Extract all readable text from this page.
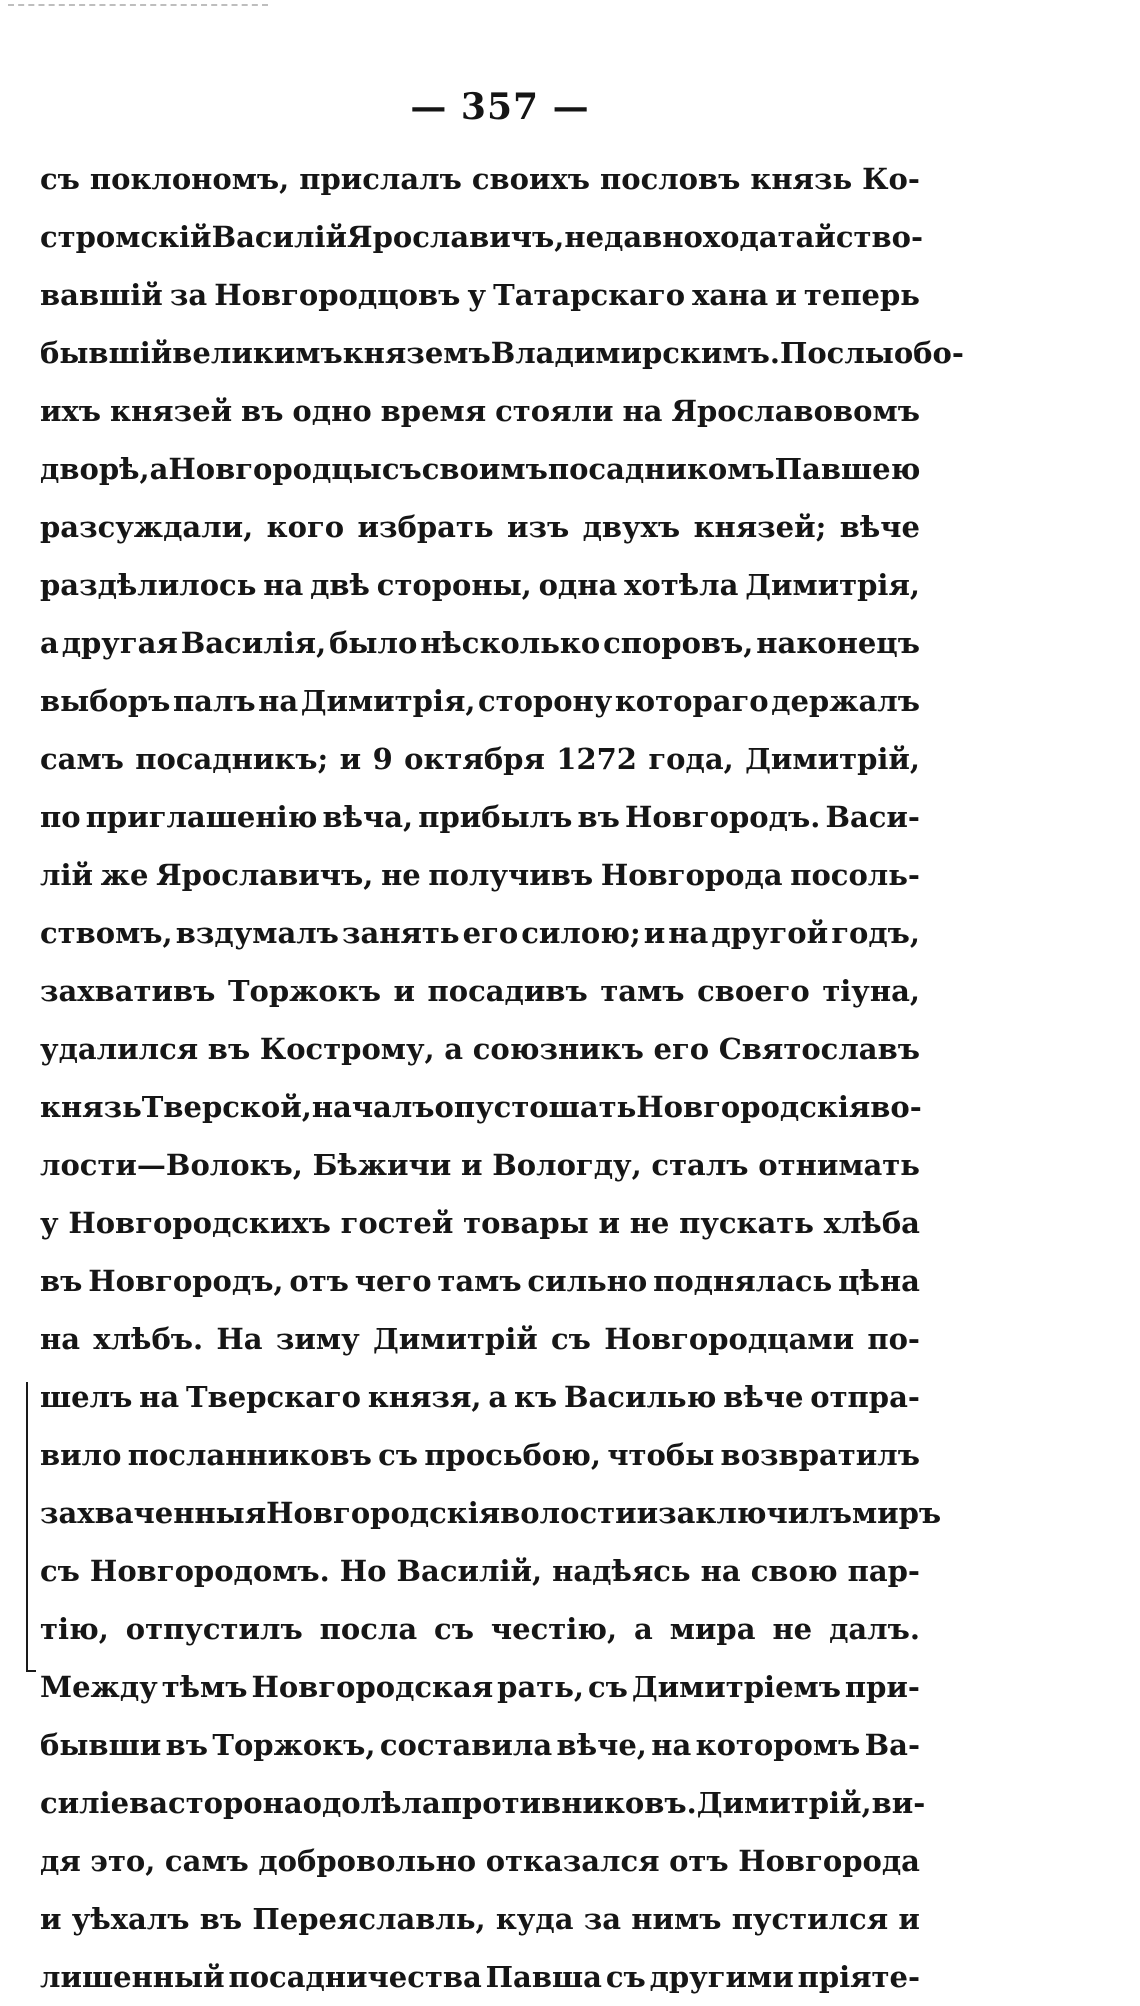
— 357 —
съ поклономъ, прислалъ своихъ пословъ князь Ко-
стромскій Василій Ярославичъ, недавно ходатайство-
вавшій за Новгородцовъ у Татарскаго хана и теперь
бывшій великимъ княземъ Владимирскимъ. Послы обо-
ихъ князей въ одно время стояли на Ярославовомъ
дворѣ, а Новгородцы съ своимъ посадникомъ Павшею
разсуждали, кого избрать изъ двухъ князей; вѣче
раздѣлилось на двѣ стороны, одна хотѣла Димитрія,
а другая Василія, было нѣсколько споровъ, наконецъ
выборъ палъ на Димитрія, сторону котораго держалъ
самъ посадникъ; и 9 октября 1272 года, Димитрій,
по приглашенію вѣча, прибылъ въ Новгородъ. Васи-
лій же Ярославичъ, не получивъ Новгорода посоль-
ствомъ, вздумалъ занять его силою; и на другой годъ,
захвативъ Торжокъ и посадивъ тамъ своего тіуна,
удалился въ Кострому, а союзникъ его Святославъ
князь Тверской, началъ опустошать Новгородскія во-
лости—Волокъ, Бѣжичи и Вологду, сталъ отнимать
у Новгородскихъ гостей товары и не пускать хлѣба
въ Новгородъ, отъ чего тамъ сильно поднялась цѣна
на хлѣбъ. На зиму Димитрій съ Новгородцами по-
шелъ на Тверскаго князя, а къ Василью вѣче отпра-
вило посланниковъ съ просьбою, чтобы возвратилъ
захваченныя Новгородскія волости и заключилъ миръ
съ Новгородомъ. Но Василій, надѣясь на свою пар-
тію, отпустилъ посла съ честію, а мира не далъ.
Между тѣмъ Новгородская рать, съ Димитріемъ при-
бывши въ Торжокъ, составила вѣче, на которомъ Ва-
силіева сторона одолѣла противниковъ. Димитрій, ви-
дя это, самъ добровольно отказался отъ Новгорода
и уѣхалъ въ Переяславль, куда за нимъ пустился и
лишенный посадничества Павша съ другими пріяте-
